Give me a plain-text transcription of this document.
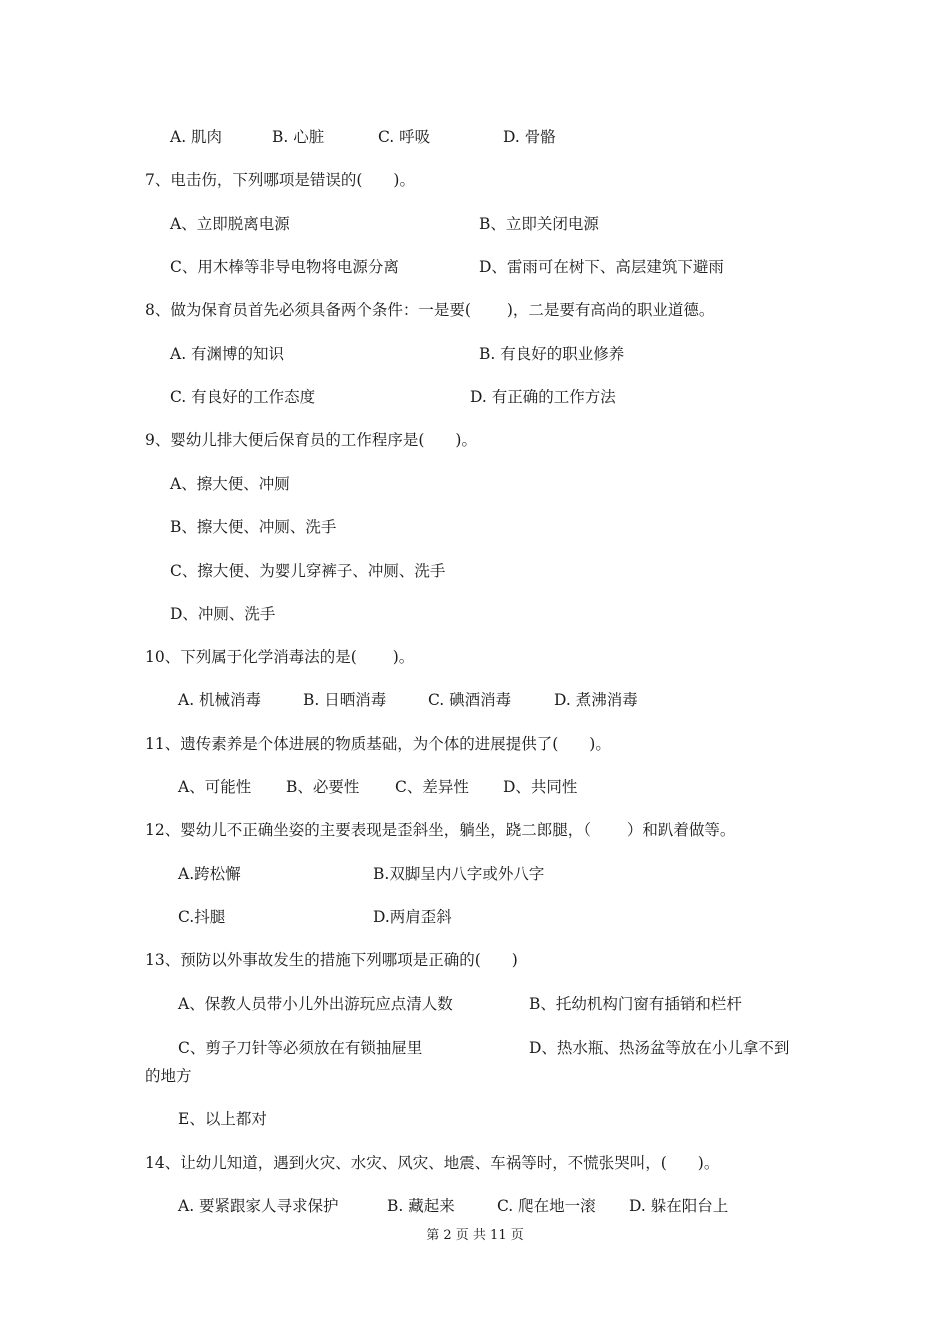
A. 肌肉	B. 心脏	C. 呼吸	D. 骨骼
7、电击伤，下列哪项是错误的(　　)。
A、立即脱离电源	B、立即关闭电源
C、用木棒等非导电物将电源分离	D、雷雨可在树下、高层建筑下避雨
8、做为保育员首先必须具备两个条件：一是要(　　 )，二是要有高尚的职业道德。
A. 有渊博的知识	B. 有良好的职业修养
C. 有良好的工作态度	D. 有正确的工作方法
9、婴幼儿排大便后保育员的工作程序是(　　)。
A、擦大便、冲厕
B、擦大便、冲厕、洗手
C、擦大便、为婴儿穿裤子、冲厕、洗手
D、冲厕、洗手
10、下列属于化学消毒法的是(　　 )。
A. 机械消毒	B. 日晒消毒	C. 碘酒消毒	D. 煮沸消毒
11、遗传素养是个体进展的物质基础，为个体的进展提供了(　　)。
A、可能性 B、必要性 C、差异性 D、共同性
12、婴幼儿不正确坐姿的主要表现是歪斜坐，躺坐，跷二郎腿，（　　 ）和趴着做等。
A.跨松懈	B.双脚呈内八字或外八字
C.抖腿	D.两肩歪斜
13、预防以外事故发生的措施下列哪项是正确的(　　)
A、保教人员带小儿外出游玩应点清人数	B、托幼机构门窗有插销和栏杆
C、剪子刀针等必须放在有锁抽屉里	D、热水瓶、热汤盆等放在小儿拿不到
的地方
E、以上都对
14、让幼儿知道，遇到火灾、水灾、风灾、地震、车祸等时，不慌张哭叫，(　　)。
A. 要紧跟家人寻求保护	B. 藏起来	C. 爬在地一滚 D. 躲在阳台上
第 2 页 共 11 页
